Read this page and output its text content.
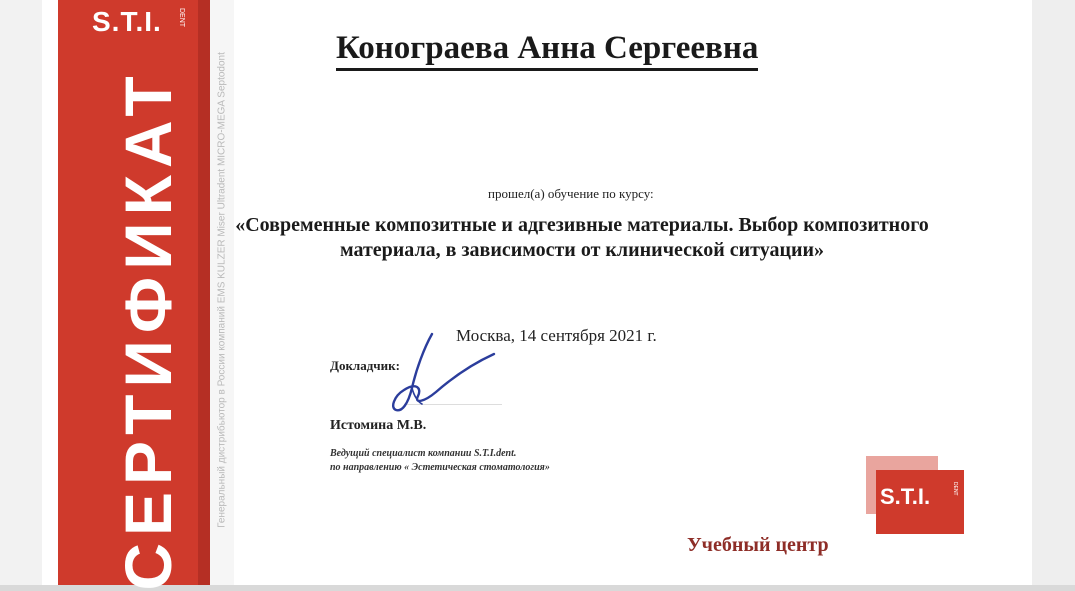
S.T.I. DENT
СЕРТИФИКАТ	Генеральный дистрибьютор в России компаний EMS KULZER Miser Ultradent MICRO-MEGA Septodont
Конограева Анна Сергеевна
прошел(а) обучение по курсу:
«Современные композитные и адгезивные материалы. Выбор композитного материала, в зависимости от клинической ситуации»
Москва, 14 сентября 2021 г.
Докладчик:
Истомина М.В.
Ведущий специалист компании S.T.I.dent.
по направлению « Эстетическая стоматология»
S.T.I.	DENT
Учебный центр
